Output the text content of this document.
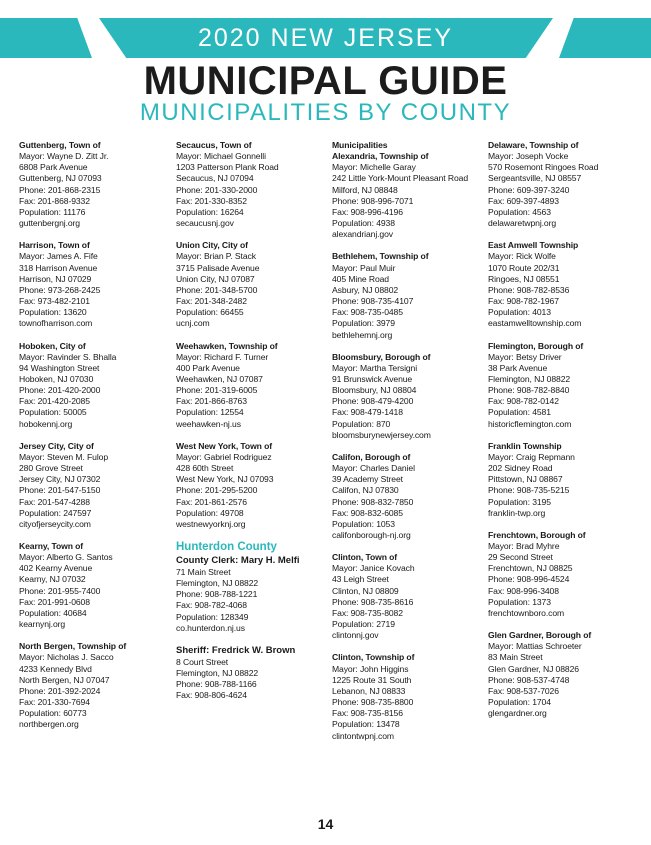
2020 NEW JERSEY
MUNICIPAL GUIDE
MUNICIPALITIES BY COUNTY
Guttenberg, Town of
Mayor: Wayne D. Zitt Jr.
6808 Park Avenue
Guttenberg, NJ 07093
Phone: 201-868-2315
Fax: 201-868-9332
Population: 11176
guttenbergnj.org
Harrison, Town of
Mayor: James A. Fife
318 Harrison Avenue
Harrison, NJ 07029
Phone: 973-268-2425
Fax: 973-482-2101
Population: 13620
townofharrison.com
Hoboken, City of
Mayor: Ravinder S. Bhalla
94 Washington Street
Hoboken, NJ 07030
Phone: 201-420-2000
Fax: 201-420-2085
Population: 50005
hobokennj.org
Jersey City, City of
Mayor: Steven M. Fulop
280 Grove Street
Jersey City, NJ 07302
Phone: 201-547-5150
Fax: 201-547-4288
Population: 247597
cityofjerseycity.com
Kearny, Town of
Mayor: Alberto G. Santos
402 Kearny Avenue
Kearny, NJ 07032
Phone: 201-955-7400
Fax: 201-991-0608
Population: 40684
kearnynj.org
North Bergen, Township of
Mayor: Nicholas J. Sacco
4233 Kennedy Blvd
North Bergen, NJ 07047
Phone: 201-392-2024
Fax: 201-330-7694
Population: 60773
northbergen.org
Secaucus, Town of
Mayor: Michael Gonnelli
1203 Patterson Plank Road
Secaucus, NJ 07094
Phone: 201-330-2000
Fax: 201-330-8352
Population: 16264
secaucusnj.gov
Union City, City of
Mayor: Brian P. Stack
3715 Palisade Avenue
Union City, NJ 07087
Phone: 201-348-5700
Fax: 201-348-2482
Population: 66455
ucnj.com
Weehawken, Township of
Mayor: Richard F. Turner
400 Park Avenue
Weehawken, NJ 07087
Phone: 201-319-6005
Fax: 201-866-8763
Population: 12554
weehawken-nj.us
West New York, Town of
Mayor: Gabriel Rodriguez
428 60th Street
West New York, NJ 07093
Phone: 201-295-5200
Fax: 201-861-2576
Population: 49708
westnewyorknj.org
Hunterdon County
County Clerk: Mary H. Melfi
71 Main Street
Flemington, NJ 08822
Phone: 908-788-1221
Fax: 908-782-4068
Population: 128349
co.hunterdon.nj.us
Sheriff: Fredrick W. Brown
8 Court Street
Flemington, NJ 08822
Phone: 908-788-1166
Fax: 908-806-4624
Municipalities
Alexandria, Township of
Mayor: Michelle Garay
242 Little York-Mount Pleasant Road
Milford, NJ 08848
Phone: 908-996-7071
Fax: 908-996-4196
Population: 4938
alexandrianj.gov
Bethlehem, Township of
Mayor: Paul Muir
405 Mine Road
Asbury, NJ 08802
Phone: 908-735-4107
Fax: 908-735-0485
Population: 3979
bethlehemnj.org
Bloomsbury, Borough of
Mayor: Martha Tersigni
91 Brunswick Avenue
Bloomsbury, NJ 08804
Phone: 908-479-4200
Fax: 908-479-1418
Population: 870
bloomsburynewjersey.com
Califon, Borough of
Mayor: Charles Daniel
39 Academy Street
Califon, NJ 07830
Phone: 908-832-7850
Fax: 908-832-6085
Population: 1053
califonborough-nj.org
Clinton, Town of
Mayor: Janice Kovach
43 Leigh Street
Clinton, NJ 08809
Phone: 908-735-8616
Fax: 908-735-8082
Population: 2719
clintonnj.gov
Clinton, Township of
Mayor: John Higgins
1225 Route 31 South
Lebanon, NJ 08833
Phone: 908-735-8800
Fax: 908-735-8156
Population: 13478
clintontwpnj.com
Delaware, Township of
Mayor: Joseph Vocke
570 Rosemont Ringoes Road
Sergeantsville, NJ 08557
Phone: 609-397-3240
Fax: 609-397-4893
Population: 4563
delawaretwpnj.org
East Amwell Township
Mayor: Rick Wolfe
1070 Route 202/31
Ringoes, NJ 08551
Phone: 908-782-8536
Fax: 908-782-1967
Population: 4013
eastamwelltownship.com
Flemington, Borough of
Mayor: Betsy Driver
38 Park Avenue
Flemington, NJ 08822
Phone: 908-782-8840
Fax: 908-782-0142
Population: 4581
historicflemington.com
Franklin Township
Mayor: Craig Repmann
202 Sidney Road
Pittstown, NJ 08867
Phone: 908-735-5215
Population: 3195
franklin-twp.org
Frenchtown, Borough of
Mayor: Brad Myhre
29 Second Street
Frenchtown, NJ 08825
Phone: 908-996-4524
Fax: 908-996-3408
Population: 1373
frenchtownboro.com
Glen Gardner, Borough of
Mayor: Mattias Schroeter
83 Main Street
Glen Gardner, NJ 08826
Phone: 908-537-4748
Fax: 908-537-7026
Population: 1704
glengardner.org
14
